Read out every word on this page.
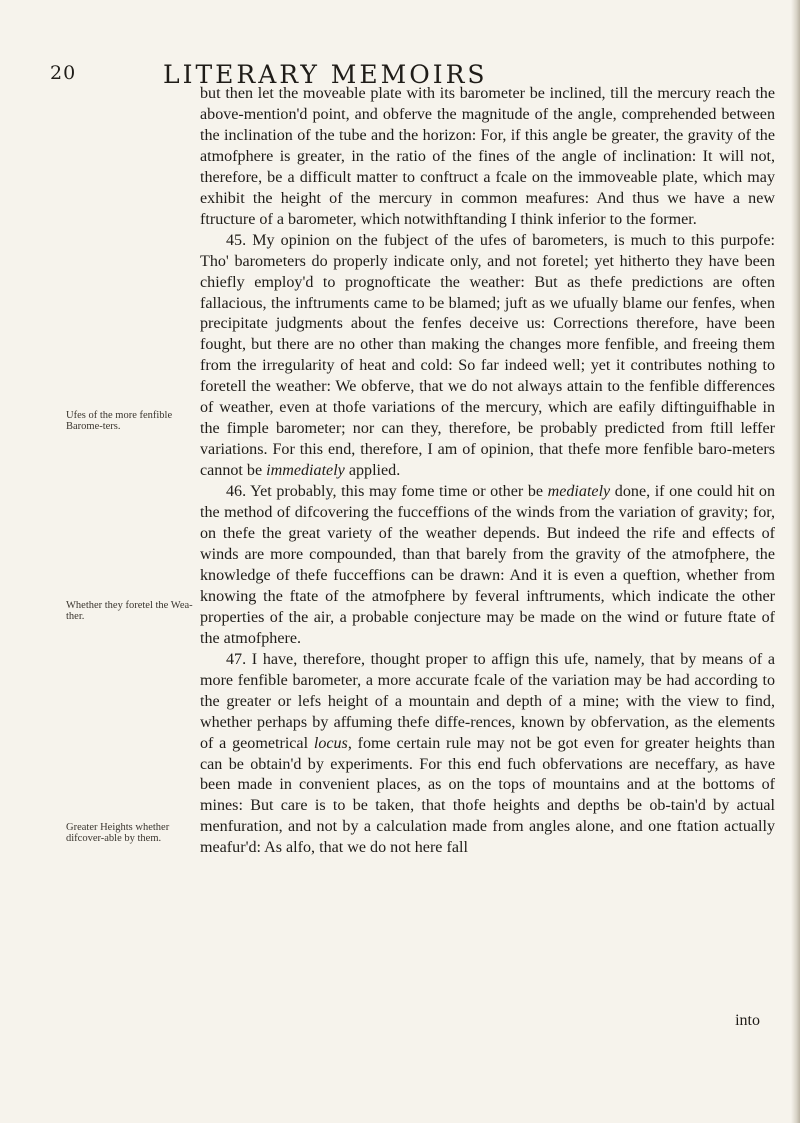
20	LITERARY MEMOIRS
Ufes of the more fenfible Barome-ters.
Whether they foretel the Wea-ther.
Greater Heights whether difcover-able by them.

but then let the moveable plate with its barometer be inclined, till the mercury reach the above-mention'd point, and obferve the magnitude of the angle, comprehended between the inclination of the tube and the horizon: For, if this angle be greater, the gravity of the atmofphere is greater, in the ratio of the fines of the angle of inclination: It will not, therefore, be a difficult matter to conftruct a fcale on the immoveable plate, which may exhibit the height of the mercury in common meafures: And thus we have a new ftructure of a barometer, which notwithftanding I think inferior to the former.

45. My opinion on the fubject of the ufes of barometers, is much to this purpofe: Tho' barometers do properly indicate only, and not foretel; yet hitherto they have been chiefly employ'd to prognofticate the weather: But as thefe predictions are often fallacious, the inftruments came to be blamed; juft as we ufually blame our fenfes, when precipitate judgments about the fenfes deceive us: Corrections therefore, have been fought, but there are no other than making the changes more fenfible, and freeing them from the irregularity of heat and cold: So far indeed well; yet it contributes nothing to foretell the weather: We obferve, that we do not always attain to the fenfible differences of weather, even at thofe variations of the mercury, which are eafily diftinguifhable in the fimple barometer; nor can they, therefore, be probably predicted from ftill leffer variations. For this end, therefore, I am of opinion, that thefe more fenfible baro-meters cannot be immediately applied.

46. Yet probably, this may fome time or other be mediately done, if one could hit on the method of difcovering the fucceffions of the winds from the variation of gravity; for, on thefe the great variety of the weather depends. But indeed the rife and effects of winds are more compounded, than that barely from the gravity of the atmofphere, the knowledge of thefe fucceffions can be drawn: And it is even a queftion, whether from knowing the ftate of the atmofphere by feveral inftruments, which indicate the other properties of the air, a probable conjecture may be made on the wind or future ftate of the atmofphere.

47. I have, therefore, thought proper to affign this ufe, namely, that by means of a more fenfible barometer, a more accurate fcale of the variation may be had according to the greater or lefs height of a mountain and depth of a mine; with the view to find, whether perhaps by affuming thefe diffe-rences, known by obfervation, as the elements of a geometrical locus, fome certain rule may not be got even for greater heights than can be obtain'd by experiments. For this end fuch obfervations are neceffary, as have been made in convenient places, as on the tops of mountains and at the bottoms of mines: But care is to be taken, that thofe heights and depths be ob-tain'd by actual menfuration, and not by a calculation made from angles alone, and one ftation actually meafur'd: As alfo, that we do not here fall

into
